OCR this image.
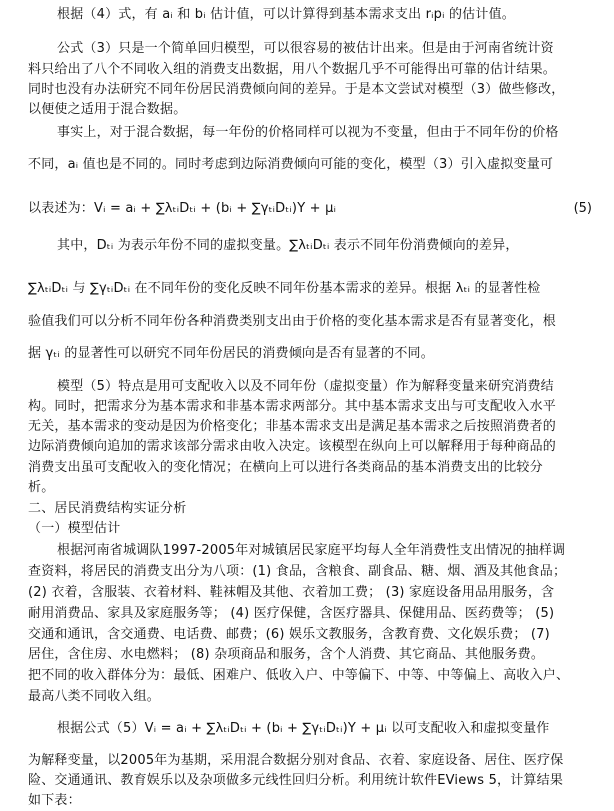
根据（4）式，有 aᵢ 和 bᵢ 估计值，可以计算得到基本需求支出 rᵢpᵢ 的估计值。
公式（3）只是一个简单回归模型，可以很容易的被估计出来。但是由于河南省统计资
料只给出了八个不同收入组的消费支出数据，用八个数据几乎不可能得出可靠的估计结果。
同时也没有办法研究不同年份居民消费倾向间的差异。于是本文尝试对模型（3）做些修改，
以便使之适用于混合数据。
事实上，对于混合数据，每一年份的价格同样可以视为不变量，但由于不同年份的价格
不同，aᵢ 值也是不同的。同时考虑到边际消费倾向可能的变化，模型（3）引入虚拟变量可
以表述为：Vᵢ = aᵢ + ∑λₜᵢDₜᵢ + (bᵢ + ∑γₜᵢDₜᵢ)Y + μᵢ	(5)
其中，Dₜᵢ 为表示年份不同的虚拟变量。∑λₜᵢDₜᵢ 表示不同年份消费倾向的差异，
∑λₜᵢDₜᵢ 与 ∑γₜᵢDₜᵢ 在不同年份的变化反映不同年份基本需求的差异。根据 λₜᵢ 的显著性检
验值我们可以分析不同年份各种消费类别支出由于价格的变化基本需求是否有显著变化，根
据 γₜᵢ 的显著性可以研究不同年份居民的消费倾向是否有显著的不同。
模型（5）特点是用可支配收入以及不同年份（虚拟变量）作为解释变量来研究消费结
构。同时，把需求分为基本需求和非基本需求两部分。其中基本需求支出与可支配收入水平
无关，基本需求的变动是因为价格变化；非基本需求支出是满足基本需求之后按照消费者的
边际消费倾向追加的需求该部分需求由收入决定。该模型在纵向上可以解释用于每种商品的
消费支出虽可支配收入的变化情况；在横向上可以进行各类商品的基本消费支出的比较分
析。
二、居民消费结构实证分析
（一）模型估计
根据河南省城调队1997-2005年对城镇居民家庭平均每人全年消费性支出情况的抽样调
查资料，将居民的消费支出分为八项：(1) 食品，含粮食、副食品、糖、烟、酒及其他食品；
(2) 衣着，含服装、衣着材料、鞋袜帽及其他、衣着加工费； (3) 家庭设备用品用服务，含
耐用消费品、家具及家庭服务等； (4) 医疗保健，含医疗器具、保健用品、医药费等； (5)
交通和通讯，含交通费、电话费、邮费；(6) 娱乐文教服务，含教育费、文化娱乐费； (7)
居住，含住房、水电燃料； (8) 杂项商品和服务，含个人消费、其它商品、其他服务费。
把不同的收入群体分为：最低、困难户、低收入户、中等偏下、中等、中等偏上、高收入户、
最高八类不同收入组。
根据公式（5）Vᵢ = aᵢ + ∑λₜᵢDₜᵢ + (bᵢ + ∑γₜᵢDₜᵢ)Y + μᵢ 以可支配收入和虚拟变量作
为解释变量，以2005年为基期，采用混合数据分别对食品、衣着、家庭设备、居住、医疗保
险、交通通讯、教育娱乐以及杂项做多元线性回归分析。利用统计软件EViews 5，计算结果
如下表：
